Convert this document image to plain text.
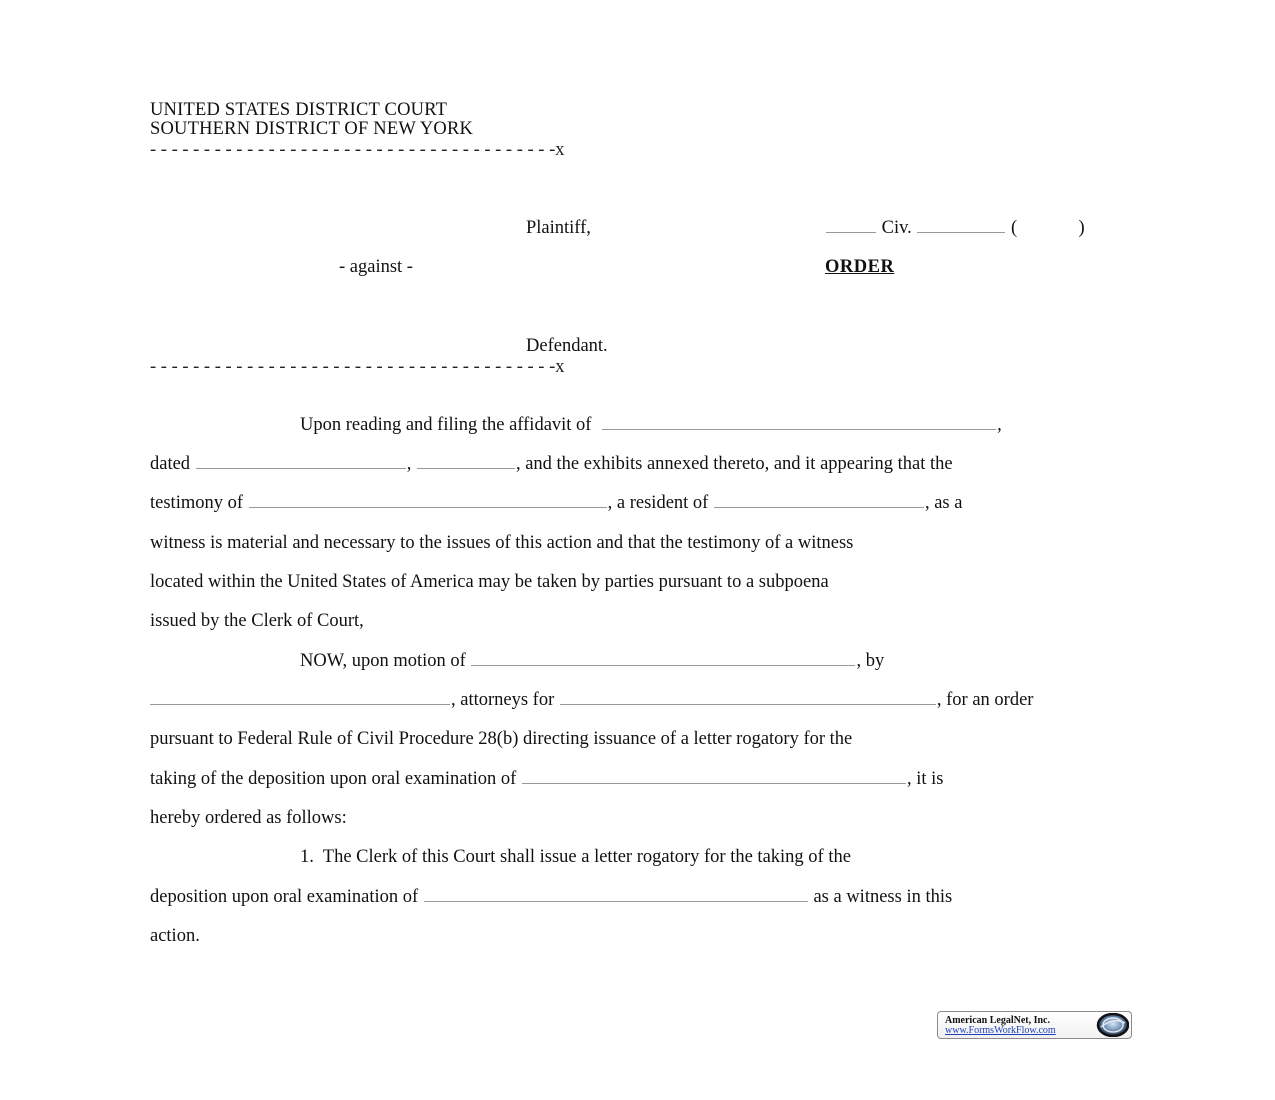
UNITED STATES DISTRICT COURT
SOUTHERN DISTRICT OF NEW YORK
- - - - - - - - - - - - - - - - - - - - - - - - - - - - - - - - - - - - - -x
Plaintiff,	Civ.	(	)
- against -	ORDER
Defendant.
- - - - - - - - - - - - - - - - - - - - - - - - - - - - - - - - - - - - - -x
Upon reading and filing the affidavit of	,
dated	,	, and the exhibits annexed thereto, and it appearing that the
testimony of	, a resident of	, as a
witness is material and necessary to the issues of this action and that the testimony of a witness
located within the United States of America may be taken by parties pursuant to a subpoena
issued by the Clerk of Court,
NOW, upon motion of	, by
, attorneys for	, for an order
pursuant to Federal Rule of Civil Procedure 28(b) directing issuance of a letter rogatory for the
taking of the deposition upon oral examination of	, it is
hereby ordered as follows:
1.  The Clerk of this Court shall issue a letter rogatory for the taking of the
deposition upon oral examination of	as a witness in this
action.
American LegalNet, Inc.
www.FormsWorkFlow.com
